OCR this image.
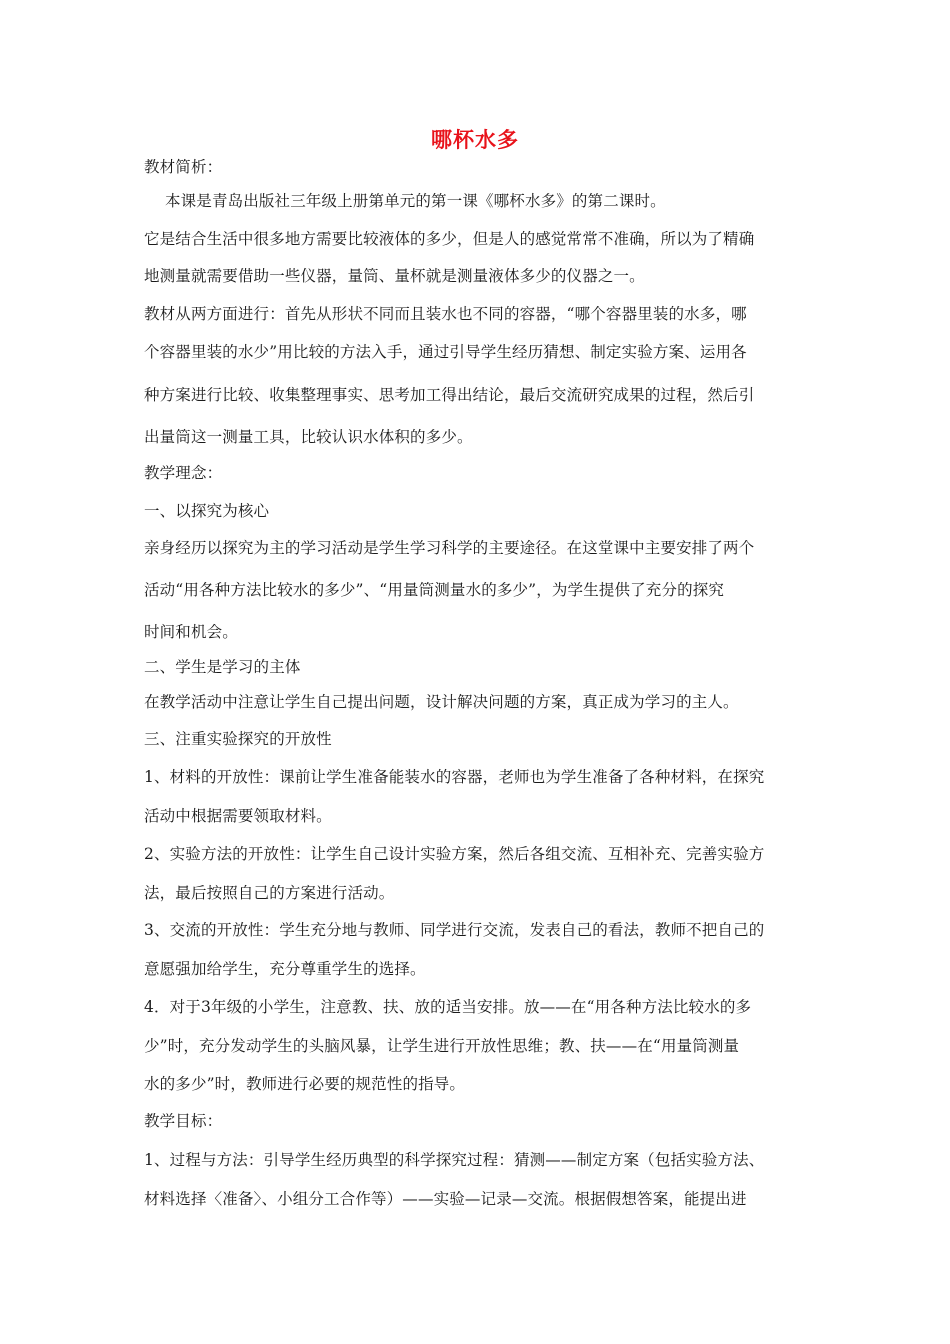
哪杯水多
教材简析：
本课是青岛出版社三年级上册第单元的第一课《哪杯水多》的第二课时。
它是结合生活中很多地方需要比较液体的多少，但是人的感觉常常不准确，所以为了精确
地测量就需要借助一些仪器，量筒、量杯就是测量液体多少的仪器之一。
教材从两方面进行：首先从形状不同而且装水也不同的容器，“哪个容器里装的水多，哪
个容器里装的水少”用比较的方法入手，通过引导学生经历猜想、制定实验方案、运用各
种方案进行比较、收集整理事实、思考加工得出结论，最后交流研究成果的过程，然后引
出量筒这一测量工具，比较认识水体积的多少。
教学理念：
一、以探究为核心
亲身经历以探究为主的学习活动是学生学习科学的主要途径。在这堂课中主要安排了两个
活动“用各种方法比较水的多少”、“用量筒测量水的多少”，为学生提供了充分的探究
时间和机会。
二、学生是学习的主体
在教学活动中注意让学生自己提出问题，设计解决问题的方案，真正成为学习的主人。
三、注重实验探究的开放性
1、材料的开放性：课前让学生准备能装水的容器，老师也为学生准备了各种材料，在探究
活动中根据需要领取材料。
2、实验方法的开放性：让学生自己设计实验方案，然后各组交流、互相补充、完善实验方
法，最后按照自己的方案进行活动。
3、交流的开放性：学生充分地与教师、同学进行交流，发表自己的看法，教师不把自己的
意愿强加给学生，充分尊重学生的选择。
4．对于3年级的小学生，注意教、扶、放的适当安排。放——在“用各种方法比较水的多
少”时，充分发动学生的头脑风暴，让学生进行开放性思维；教、扶——在“用量筒测量
水的多少”时，教师进行必要的规范性的指导。
教学目标：
1、过程与方法：引导学生经历典型的科学探究过程：猜测——制定方案（包括实验方法、
材料选择〈准备〉、小组分工合作等）——实验—记录—交流。根据假想答案，能提出进
